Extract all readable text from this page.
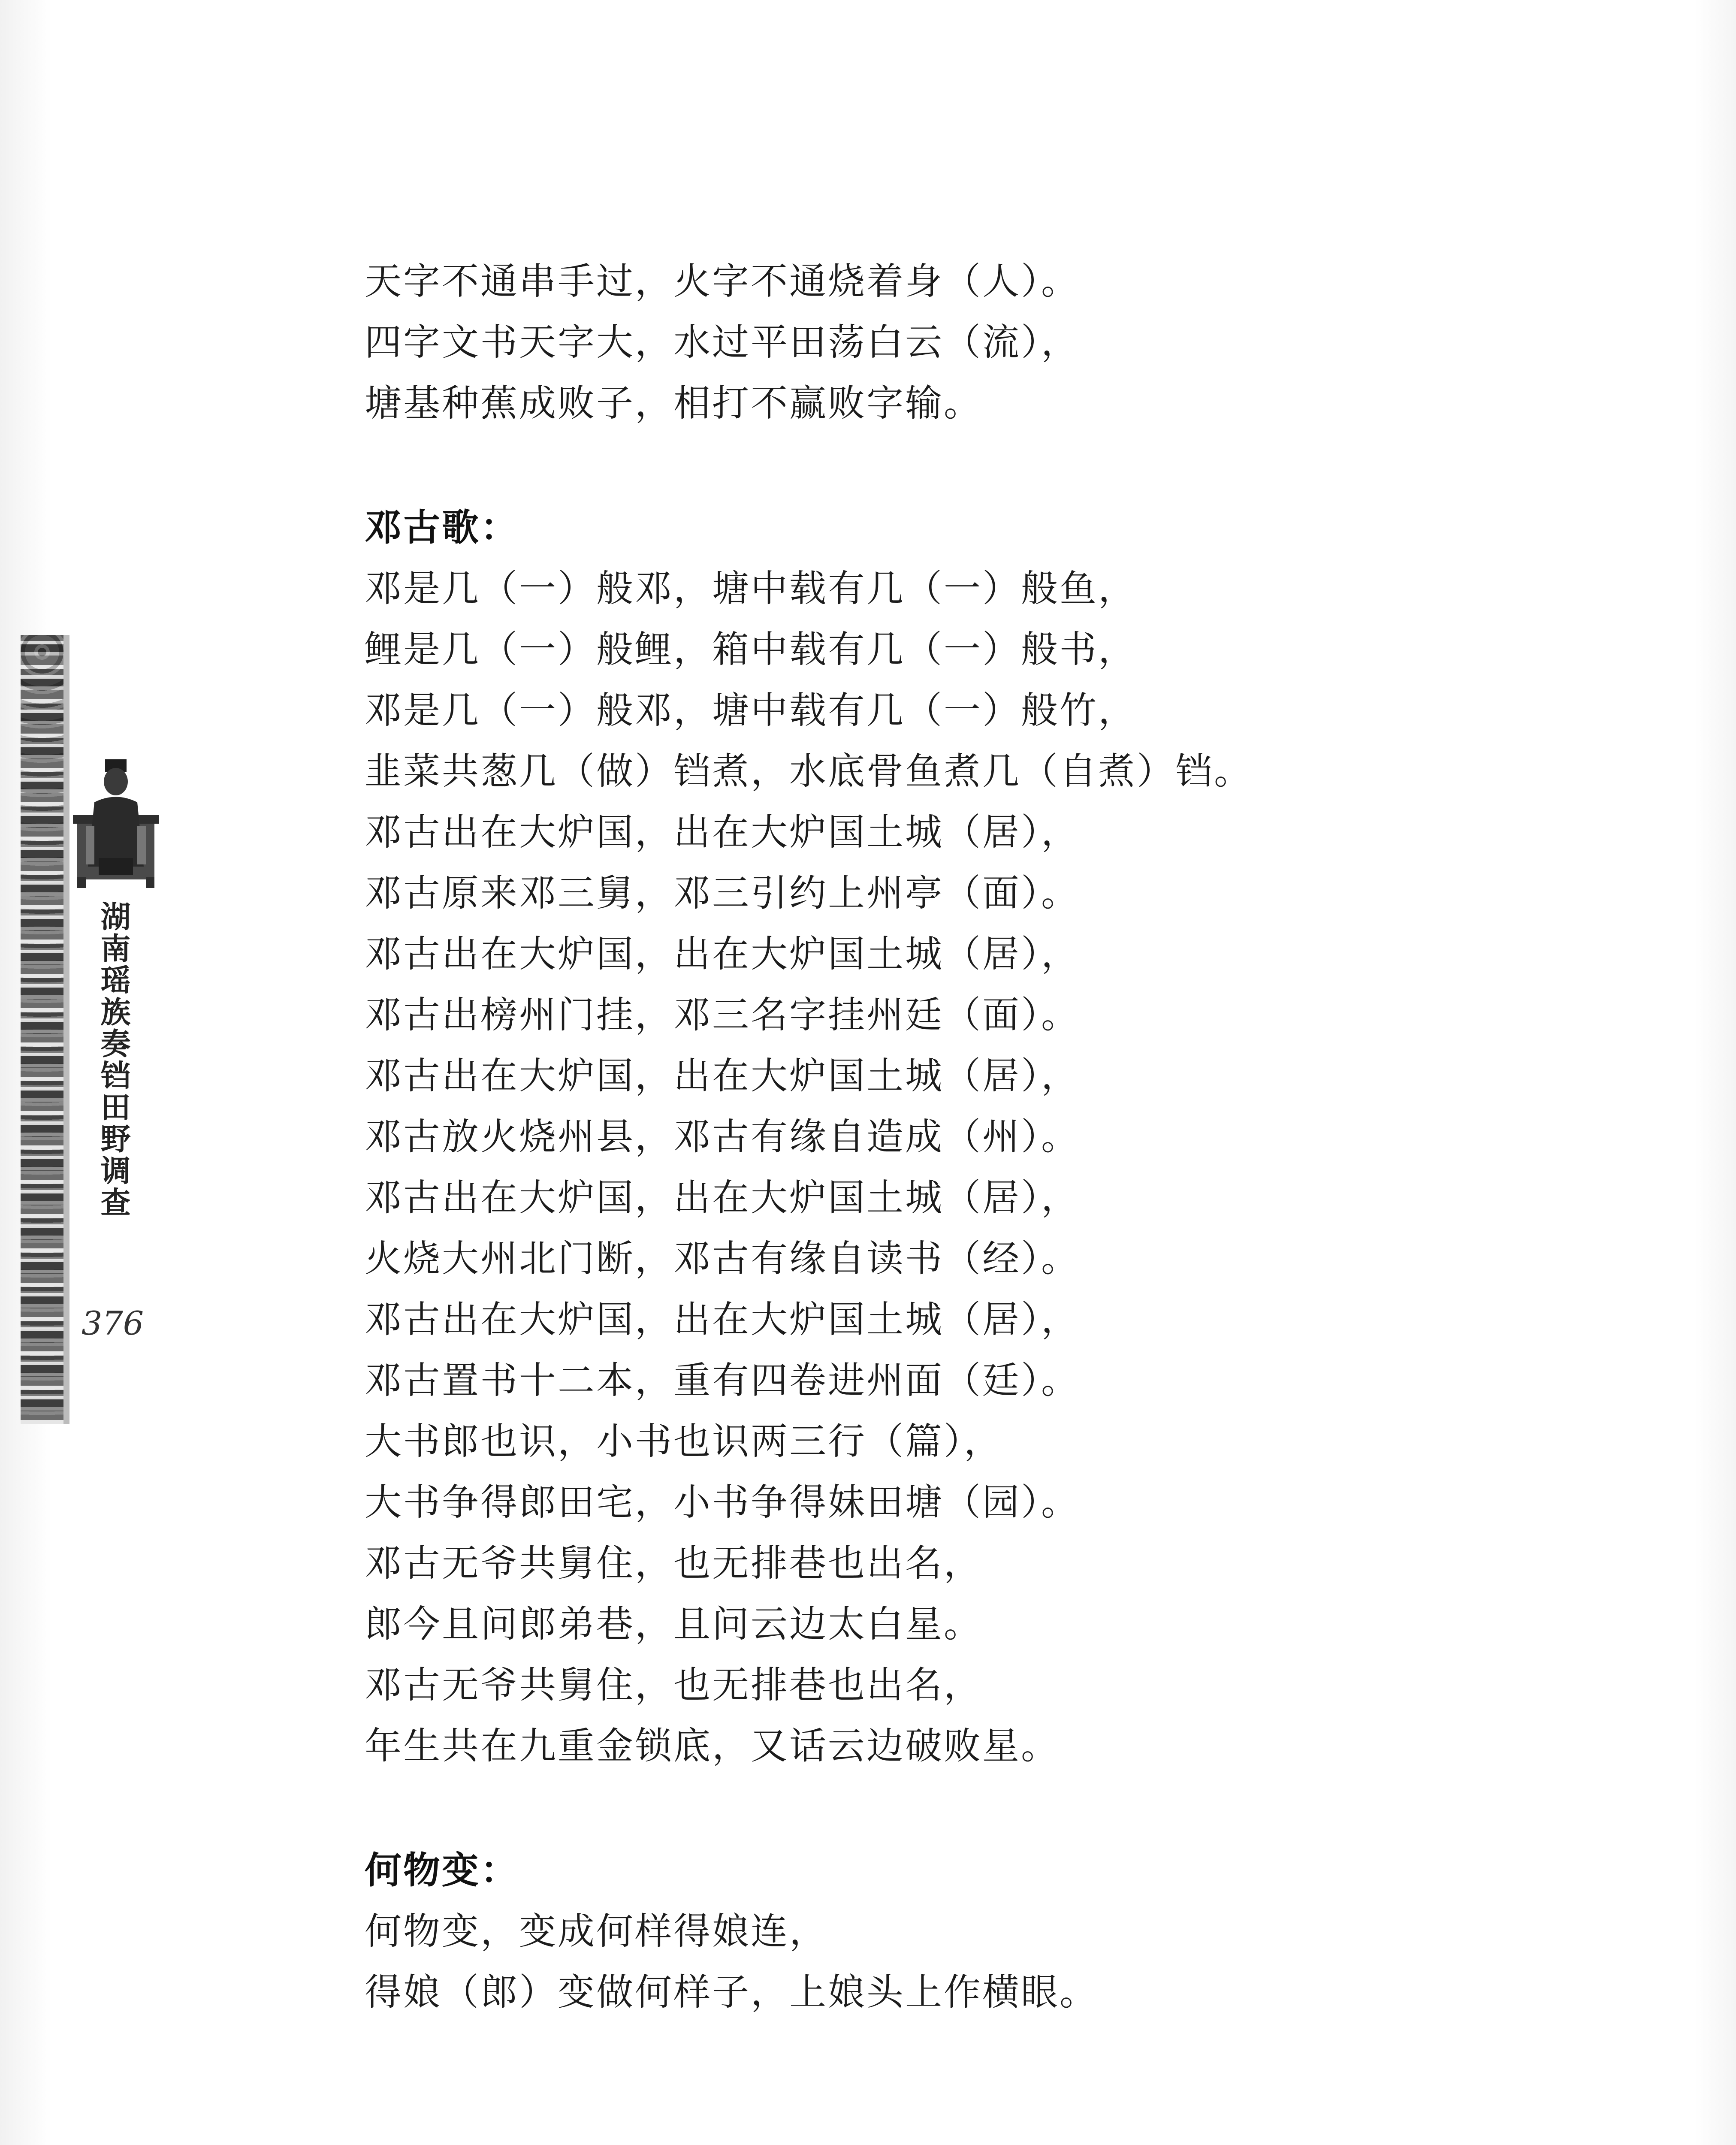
湖南瑶族奏铛田野调查
376
天字不通串手过，火字不通烧着身（人）。
四字文书天字大，水过平田荡白云（流），
塘基种蕉成败子，相打不赢败字输。
邓古歌：
邓是几（一）般邓，塘中载有几（一）般鱼，
鲤是几（一）般鲤，箱中载有几（一）般书，
邓是几（一）般邓，塘中载有几（一）般竹，
韭菜共葱几（做）铛煮，水底骨鱼煮几（自煮）铛。
邓古出在大炉国，出在大炉国土城（居），
邓古原来邓三舅，邓三引约上州亭（面）。
邓古出在大炉国，出在大炉国土城（居），
邓古出榜州门挂，邓三名字挂州廷（面）。
邓古出在大炉国，出在大炉国土城（居），
邓古放火烧州县，邓古有缘自造成（州）。
邓古出在大炉国，出在大炉国土城（居），
火烧大州北门断，邓古有缘自读书（经）。
邓古出在大炉国，出在大炉国土城（居），
邓古置书十二本，重有四卷进州面（廷）。
大书郎也识，小书也识两三行（篇），
大书争得郎田宅，小书争得妹田塘（园）。
邓古无爷共舅住，也无排巷也出名，
郎今且问郎弟巷，且问云边太白星。
邓古无爷共舅住，也无排巷也出名，
年生共在九重金锁底，又话云边破败星。
何物变：
何物变，变成何样得娘连，
得娘（郎）变做何样子，上娘头上作横眼。
